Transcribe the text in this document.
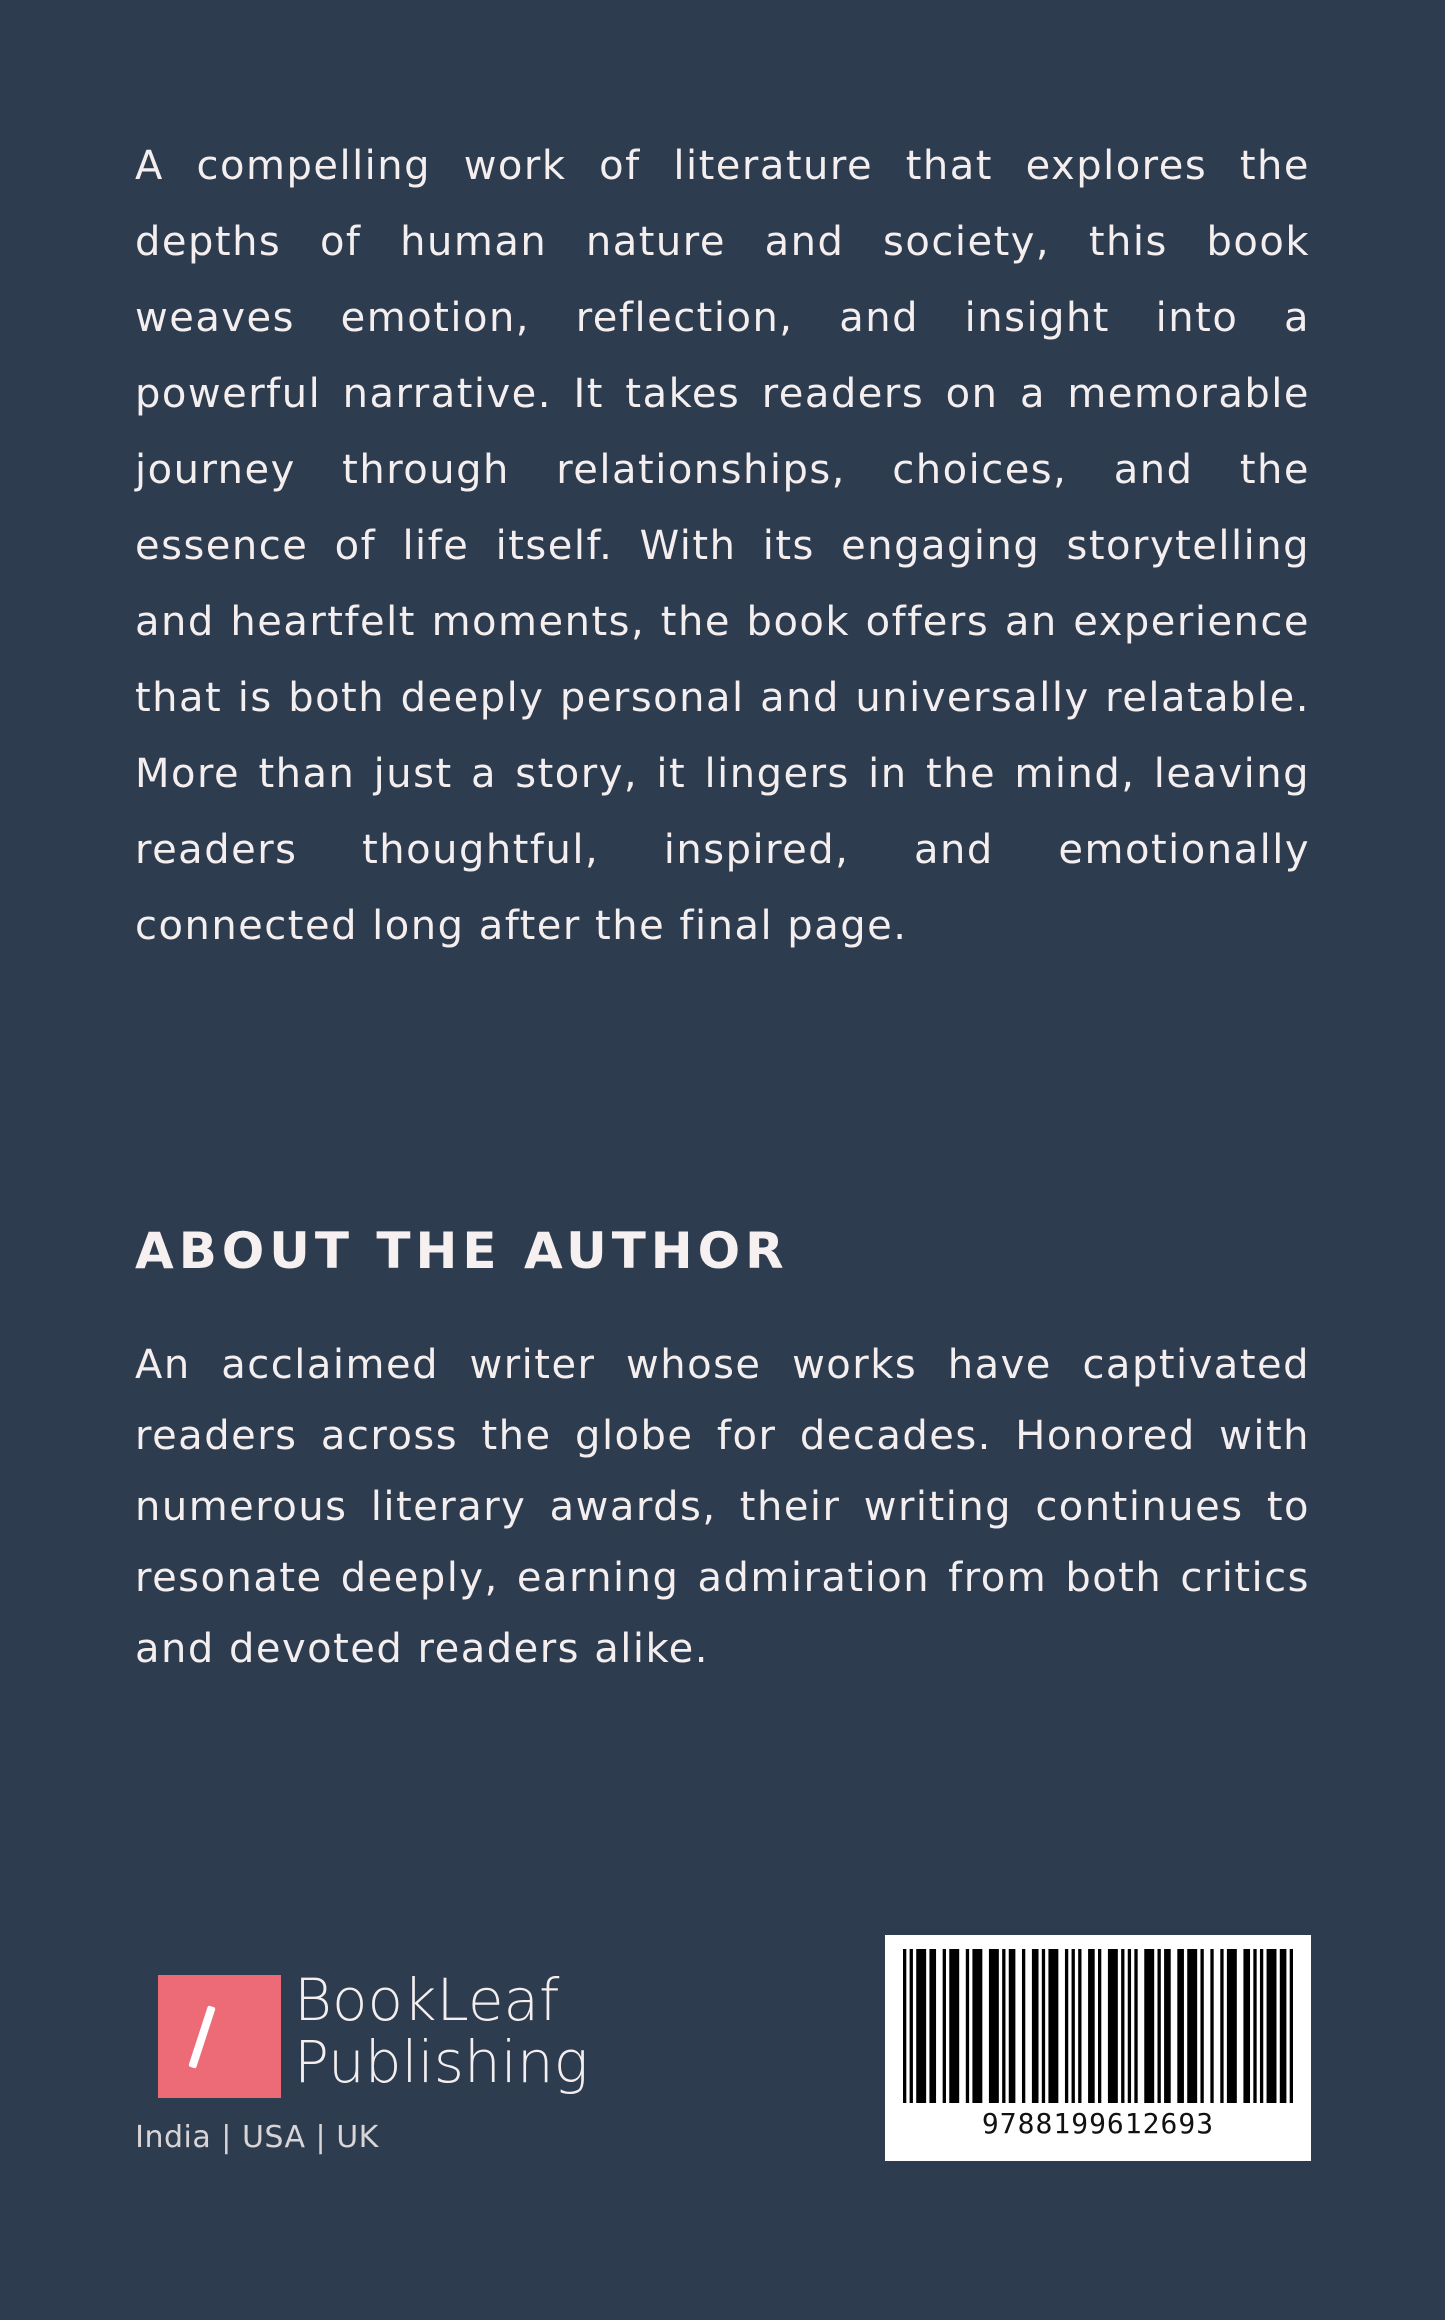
A compelling work of literature that explores the depths of human nature and society, this book weaves emotion, reflection, and insight into a powerful narrative. It takes readers on a memorable journey through relationships, choices, and the essence of life itself. With its engaging storytelling and heartfelt moments, the book offers an experience that is both deeply personal and universally relatable. More than just a story, it lingers in the mind, leaving readers thoughtful, inspired, and emotionally connected long after the final page.

ABOUT THE AUTHOR

An acclaimed writer whose works have captivated readers across the globe for decades. Honored with numerous literary awards, their writing continues to resonate deeply, earning admiration from both critics and devoted readers alike.

BookLeaf
Publishing
India | USA | UK	9788199612693
